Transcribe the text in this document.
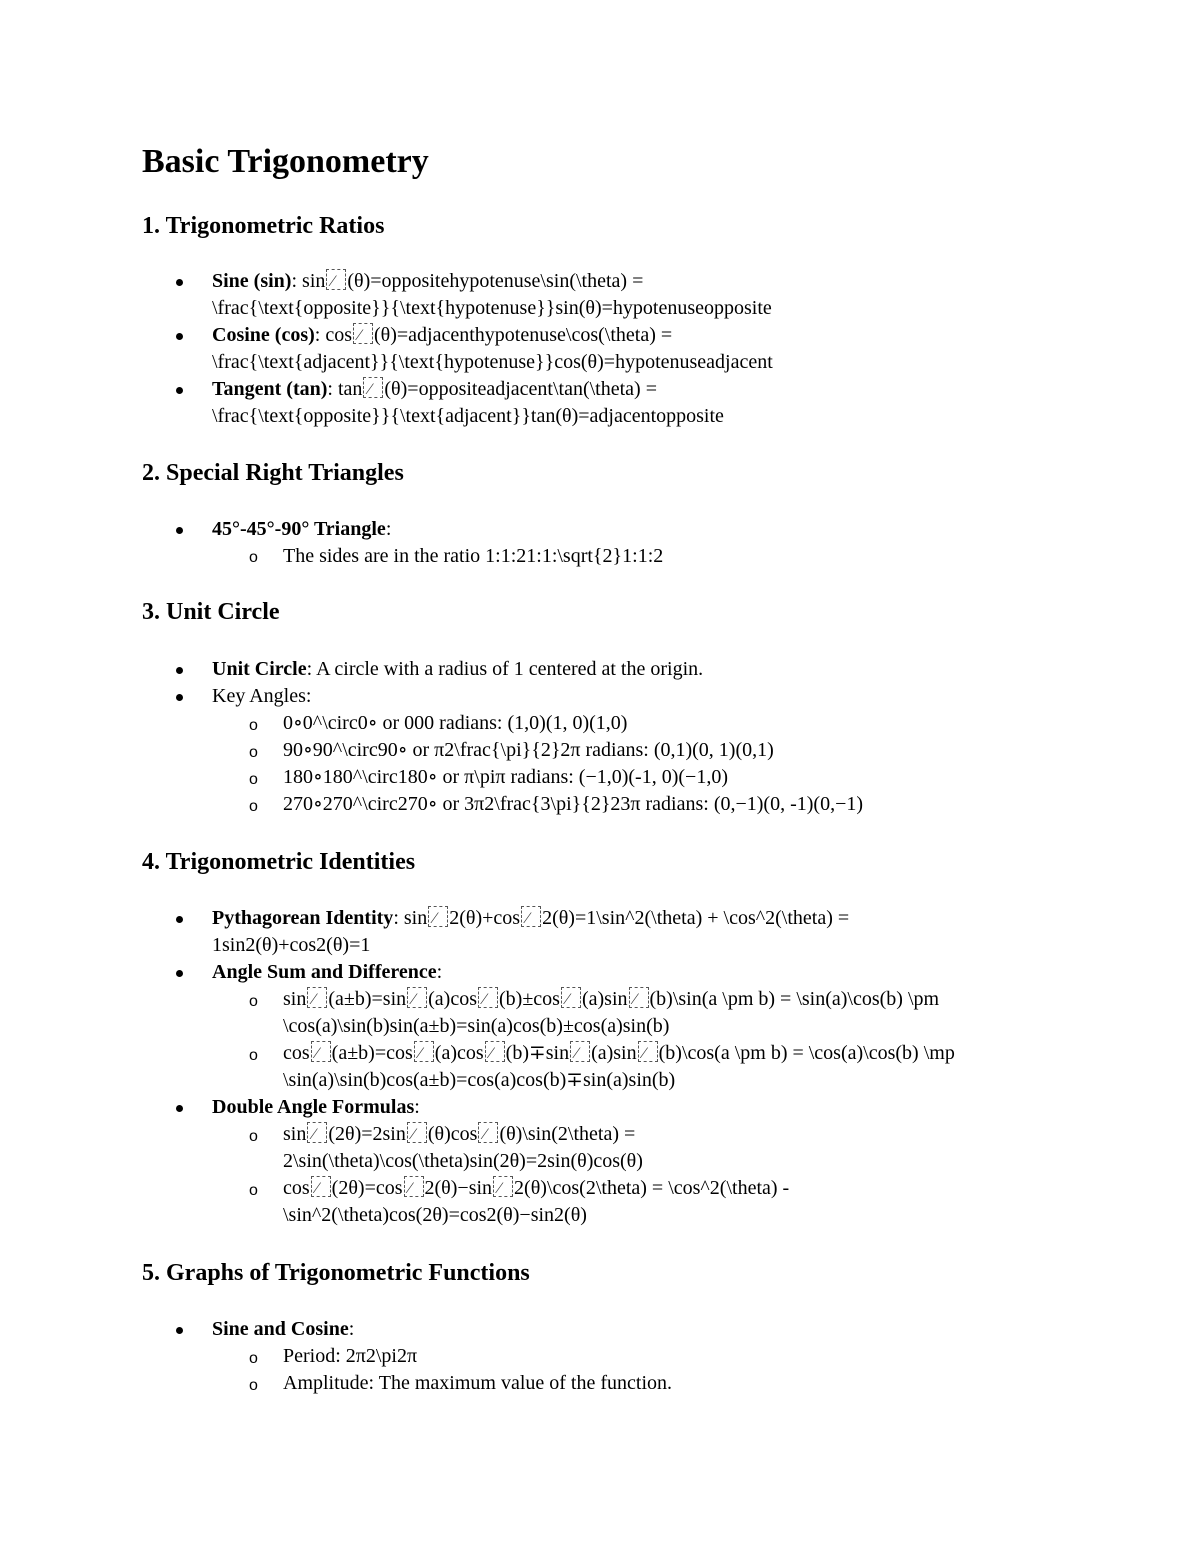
Basic Trigonometry
1. Trigonometric Ratios

Sine (sin): sin ∕ (θ)=oppositehypotenuse\sin(\theta) =

\frac{\text{opposite}}{\text{hypotenuse}}sin(θ)=hypotenuseopposite

Cosine (cos): cos ∕ (θ)=adjacenthypotenuse\cos(\theta) =

\frac{\text{adjacent}}{\text{hypotenuse}}cos(θ)=hypotenuseadjacent

Tangent (tan): tan ∕ (θ)=oppositeadjacent\tan(\theta) =

\frac{\text{opposite}}{\text{adjacent}}tan(θ)=adjacentopposite

2. Special Right Triangles

45°-45°-90° Triangle:

o The sides are in the ratio 1:1:21:1:\sqrt{2}1:1:2

3. Unit Circle

Unit Circle: A circle with a radius of 1 centered at the origin.

Key Angles:

o 0∘0^\circ0∘ or 000 radians: (1,0)(1, 0)(1,0)

o 90∘90^\circ90∘ or π2\frac{\pi}{2}2π radians: (0,1)(0, 1)(0,1)

o 180∘180^\circ180∘ or π\piπ radians: (−1,0)(-1, 0)(−1,0)

o 270∘270^\circ270∘ or 3π2\frac{3\pi}{2}23π radians: (0,−1)(0, -1)(0,−1)

4. Trigonometric Identities

Pythagorean Identity: sin ∕ 2(θ)+cos ∕ 2(θ)=1\sin^2(\theta) + \cos^2(\theta) =

1sin2(θ)+cos2(θ)=1

Angle Sum and Difference:

o sin ∕ (a±b)=sin ∕ (a)cos ∕ (b)±cos ∕ (a)sin ∕ (b)\sin(a \pm b) = \sin(a)\cos(b) \pm

\cos(a)\sin(b)sin(a±b)=sin(a)cos(b)±cos(a)sin(b)

o cos ∕ (a±b)=cos ∕ (a)cos ∕ (b)∓sin ∕ (a)sin ∕ (b)\cos(a \pm b) = \cos(a)\cos(b) \mp

\sin(a)\sin(b)cos(a±b)=cos(a)cos(b)∓sin(a)sin(b)

Double Angle Formulas:

o sin ∕ (2θ)=2sin ∕ (θ)cos ∕ (θ)\sin(2\theta) =

2\sin(\theta)\cos(\theta)sin(2θ)=2sin(θ)cos(θ)

o cos ∕ (2θ)=cos ∕ 2(θ)−sin ∕ 2(θ)\cos(2\theta) = \cos^2(\theta) -

\sin^2(\theta)cos(2θ)=cos2(θ)−sin2(θ)

5. Graphs of Trigonometric Functions

Sine and Cosine:

o Period: 2π2\pi2π

o Amplitude: The maximum value of the function.
